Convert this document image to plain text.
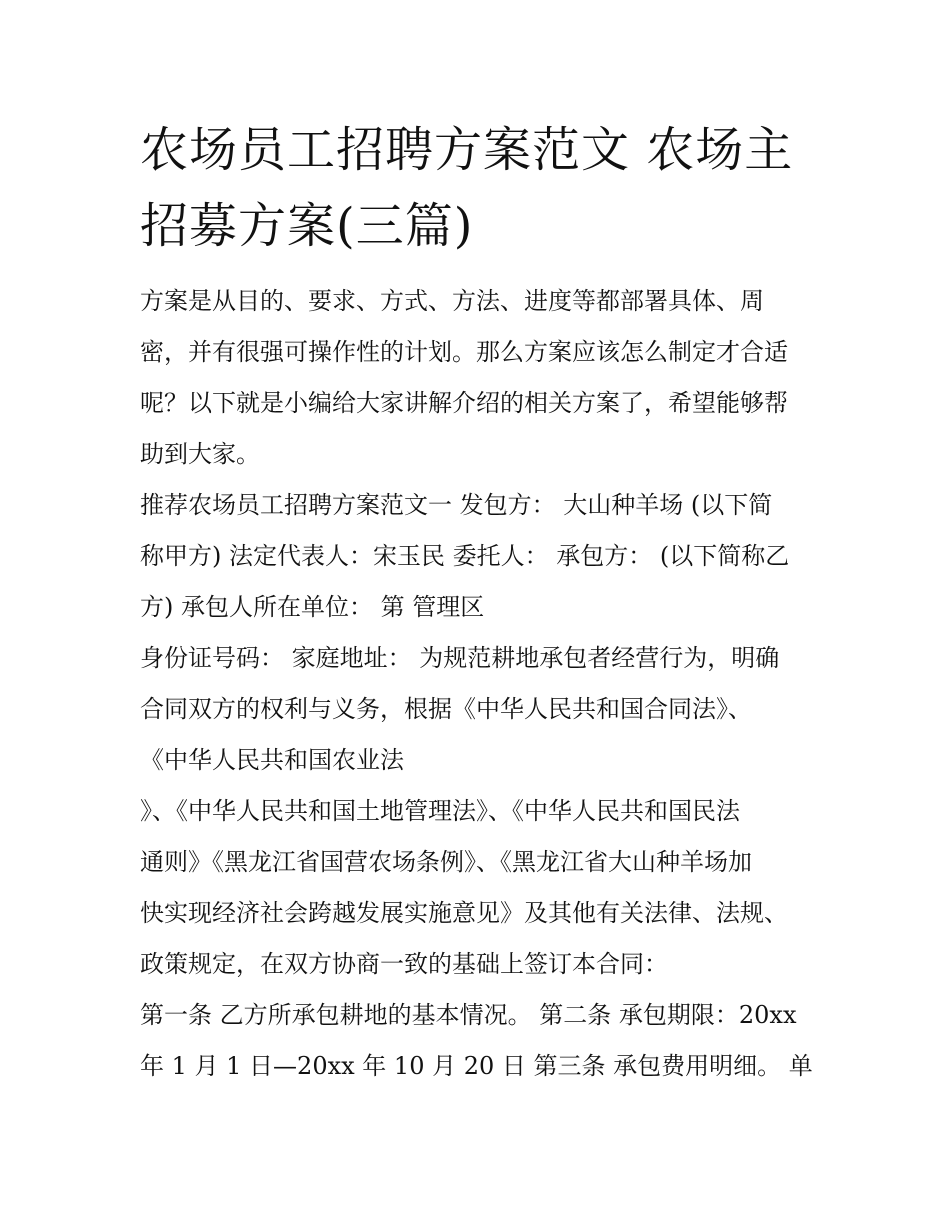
农场员工招聘方案范文 农场主
招募方案(三篇)
方案是从目的、要求、方式、方法、进度等都部署具体、周
密，并有很强可操作性的计划。那么方案应该怎么制定才合适
呢？以下就是小编给大家讲解介绍的相关方案了，希望能够帮
助到大家。
推荐农场员工招聘方案范文一 发包方： 大山种羊场 (以下简
称甲方) 法定代表人：宋玉民 委托人： 承包方： (以下简称乙
方) 承包人所在单位： 第 管理区
身份证号码： 家庭地址： 为规范耕地承包者经营行为，明确
合同双方的权利与义务，根据《中华人民共和国合同法》、
《中华人民共和国农业法
》、《中华人民共和国土地管理法》、《中华人民共和国民法
通则》《黑龙江省国营农场条例》、《黑龙江省大山种羊场加
快实现经济社会跨越发展实施意见》及其他有关法律、法规、
政策规定，在双方协商一致的基础上签订本合同：
第一条 乙方所承包耕地的基本情况。 第二条 承包期限：20xx
年 1 月 1 日—20xx 年 10 月 20 日 第三条 承包费用明细。 单
